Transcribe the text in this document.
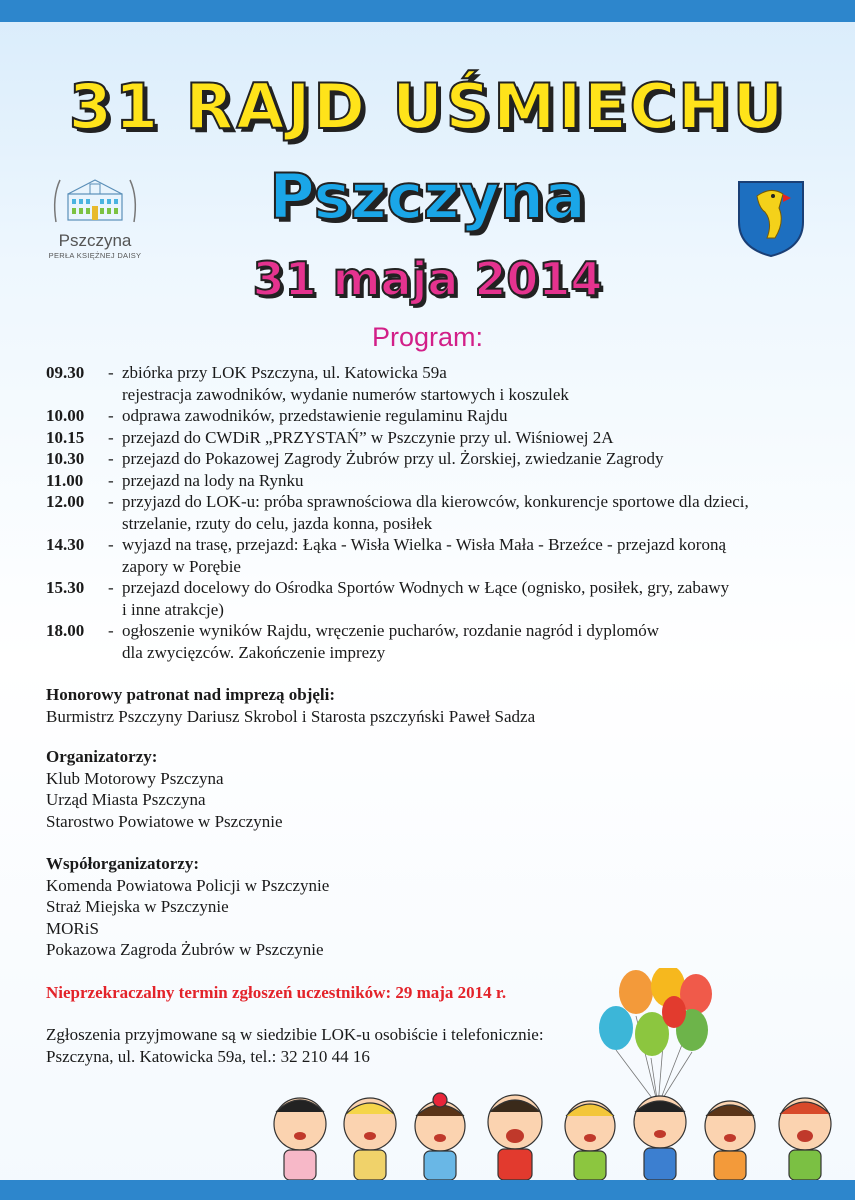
Pszczyna
PERŁA KSIĘŻNEJ DAISY
31 RAJD UŚMIECHU
Pszczyna
31 maja 2014
Program:
09.30	- zbiórka przy LOK Pszczyna, ul. Katowicka 59a
rejestracja zawodników, wydanie numerów startowych i koszulek
10.00	- odprawa zawodników, przedstawienie regulaminu Rajdu
10.15	- przejazd do CWDiR „PRZYSTAŃ” w Pszczynie przy ul. Wiśniowej 2A
10.30	- przejazd do Pokazowej Zagrody Żubrów przy ul. Żorskiej, zwiedzanie Zagrody
11.00	- przejazd na lody na Rynku
12.00	- przyjazd do LOK-u: próba sprawnościowa dla kierowców, konkurencje sportowe dla dzieci,
strzelanie, rzuty do celu, jazda konna, posiłek
14.30	- wyjazd na trasę, przejazd: Łąka - Wisła Wielka - Wisła Mała - Brzeźce - przejazd koroną
zapory w Porębie
15.30	- przejazd docelowy do Ośrodka Sportów Wodnych w Łące (ognisko, posiłek, gry, zabawy
i inne atrakcje)
18.00	- ogłoszenie wyników Rajdu, wręczenie pucharów, rozdanie nagród i dyplomów
dla zwycięzców. Zakończenie imprezy
Honorowy patronat nad imprezą objęli:
Burmistrz Pszczyny Dariusz Skrobol i Starosta pszczyński Paweł Sadza
Organizatorzy:
Klub Motorowy Pszczyna
Urząd Miasta Pszczyna
Starostwo Powiatowe w Pszczynie
Współorganizatorzy:
Komenda Powiatowa Policji w Pszczynie
Straż Miejska w Pszczynie
MORiS
Pokazowa Zagroda Żubrów w Pszczynie
Nieprzekraczalny termin zgłoszeń uczestników: 29 maja 2014 r.
Zgłoszenia przyjmowane są w siedzibie LOK-u osobiście i telefonicznie:
Pszczyna, ul. Katowicka 59a, tel.: 32 210 44 16
